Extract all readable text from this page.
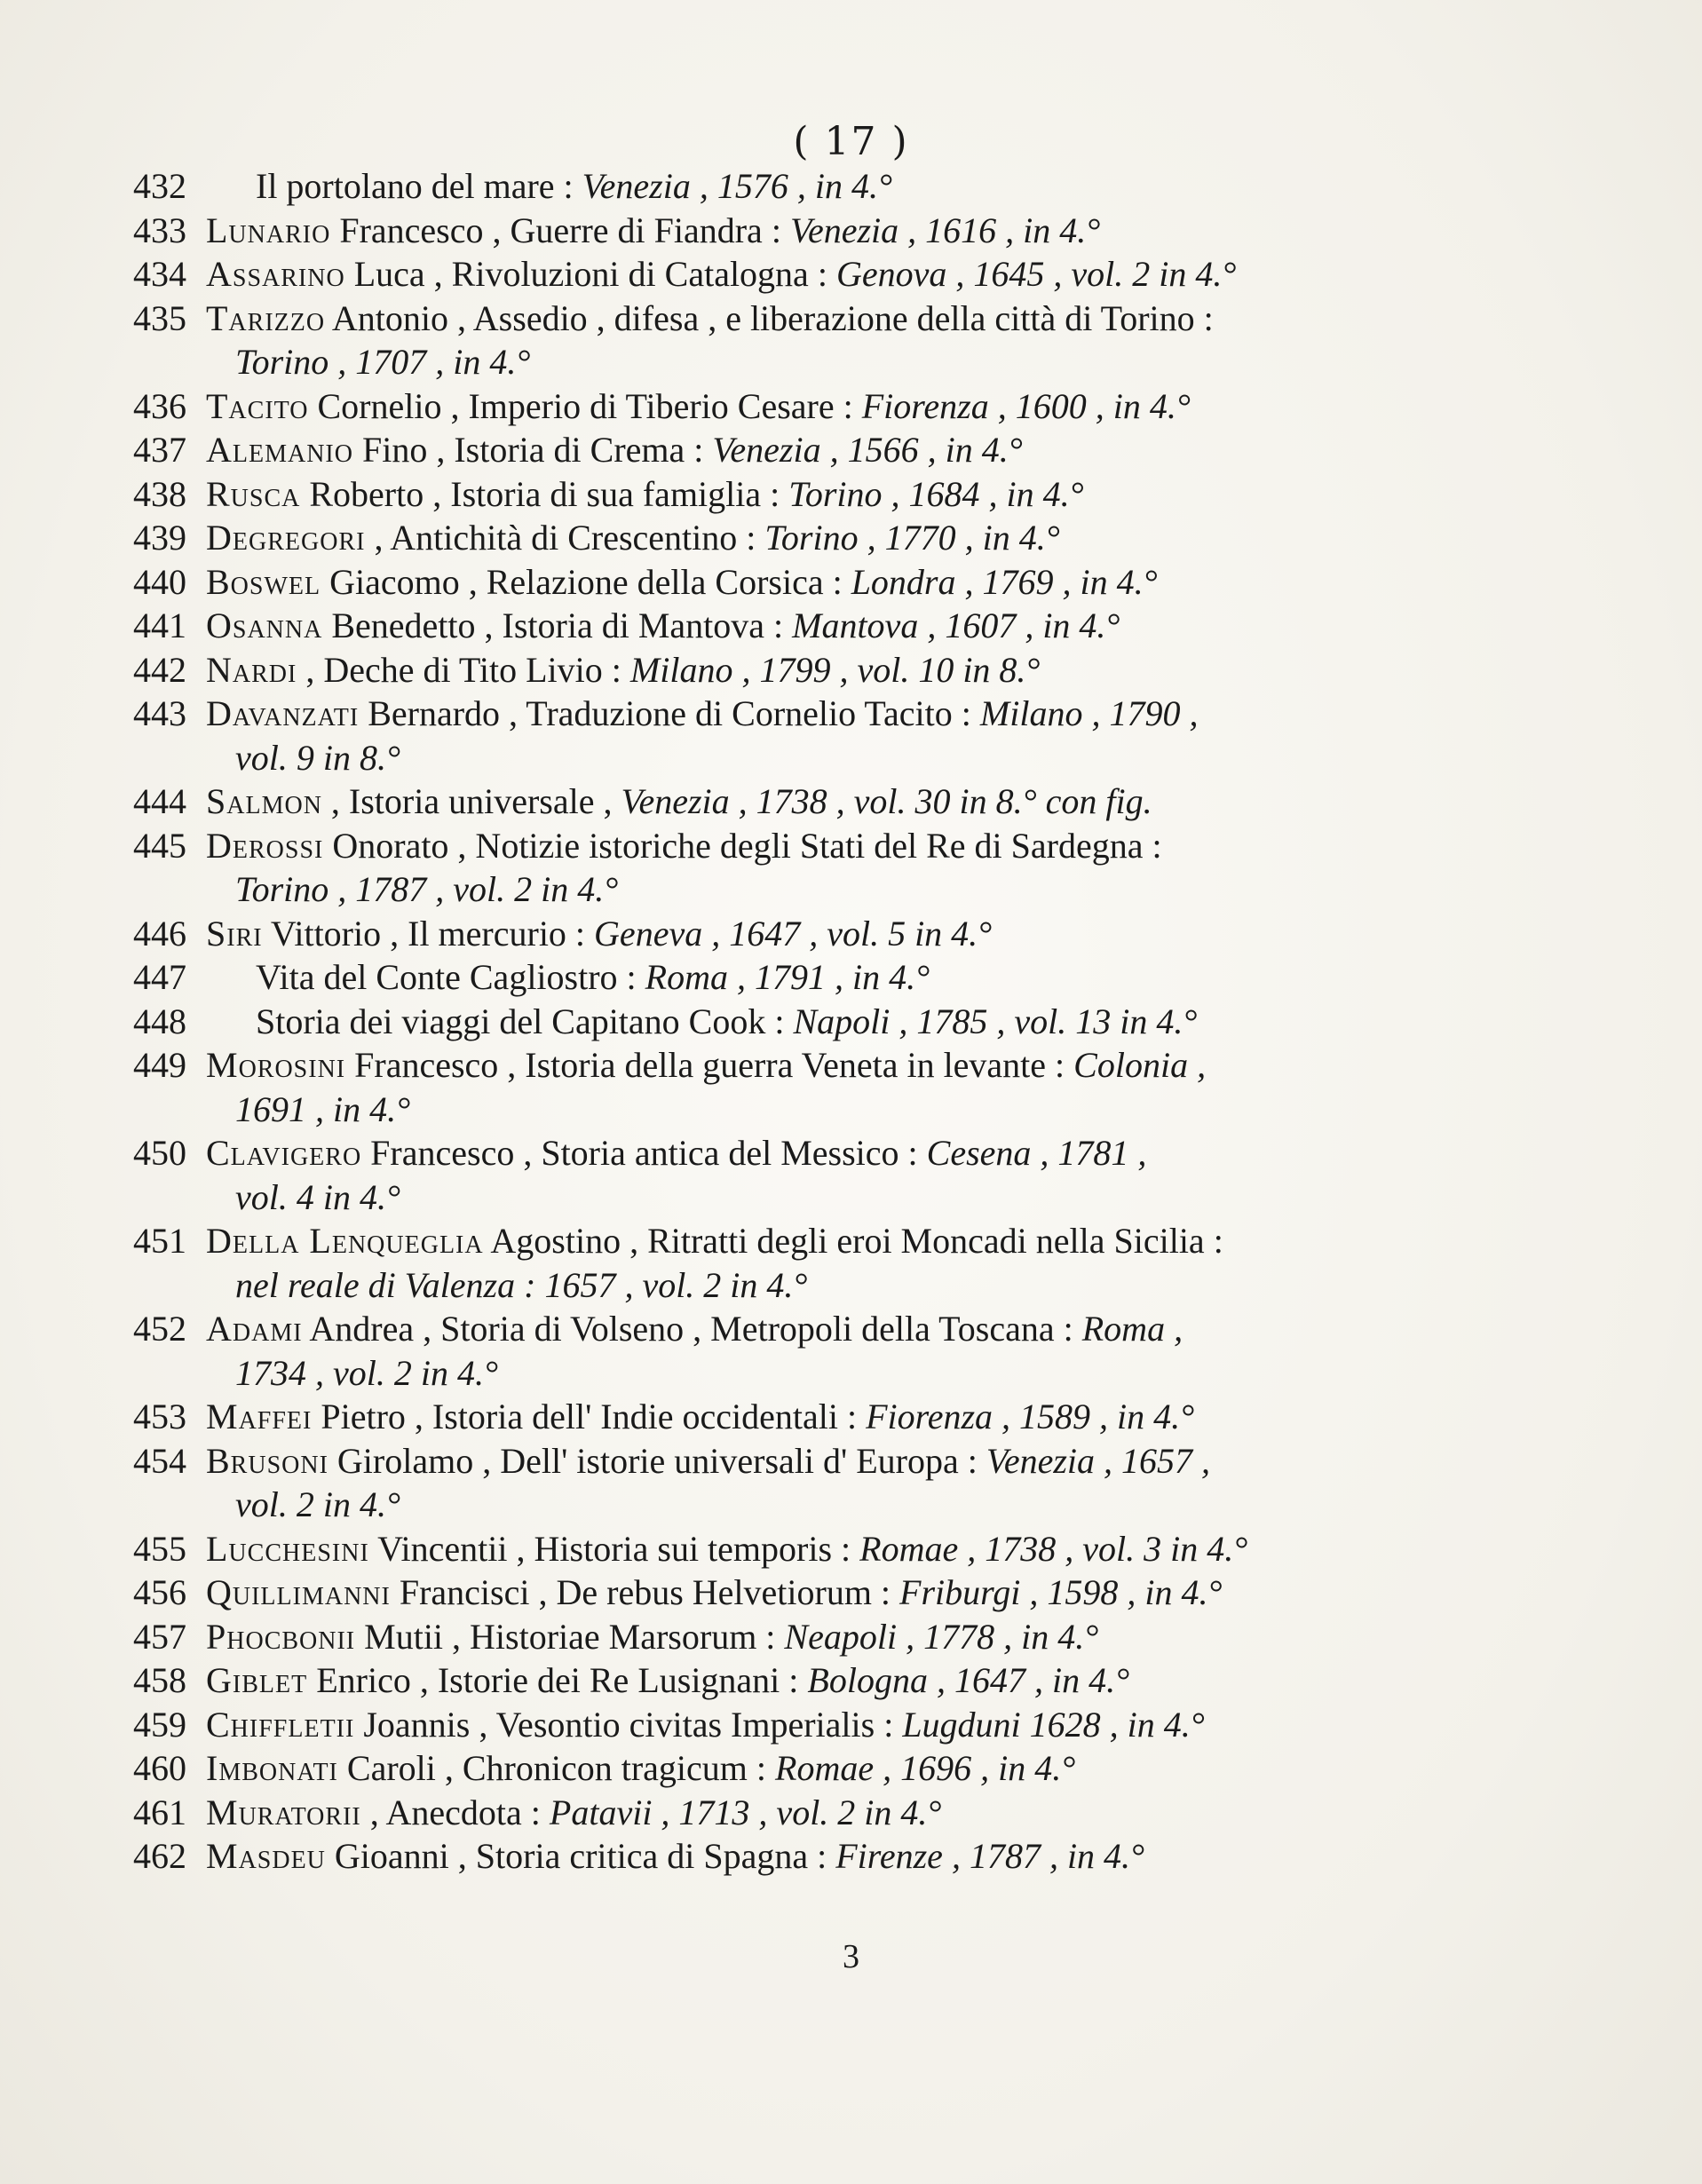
( 17 )
432	Il portolano del mare : Venezia , 1576 , in 4.°
433 Lunario Francesco , Guerre di Fiandra : Venezia , 1616 , in 4.°
434 Assarino Luca , Rivoluzioni di Catalogna : Genova , 1645 , vol. 2 in 4.°
435 Tarizzo Antonio , Assedio , difesa , e liberazione della città di Torino :
Torino , 1707 , in 4.°
436 Tacito Cornelio , Imperio di Tiberio Cesare : Fiorenza , 1600 , in 4.°
437 Alemanio Fino , Istoria di Crema : Venezia , 1566 , in 4.°
438 Rusca Roberto , Istoria di sua famiglia : Torino , 1684 , in 4.°
439 Degregori , Antichità di Crescentino : Torino , 1770 , in 4.°
440 Boswel Giacomo , Relazione della Corsica : Londra , 1769 , in 4.°
441 Osanna Benedetto , Istoria di Mantova : Mantova , 1607 , in 4.°
442 Nardi , Deche di Tito Livio : Milano , 1799 , vol. 10 in 8.°
443 Davanzati Bernardo , Traduzione di Cornelio Tacito : Milano , 1790 ,
vol. 9 in 8.°
444 Salmon , Istoria universale , Venezia , 1738 , vol. 30 in 8.° con fig.
445 Derossi Onorato , Notizie istoriche degli Stati del Re di Sardegna :
Torino , 1787 , vol. 2 in 4.°
446 Siri Vittorio , Il mercurio : Geneva , 1647 , vol. 5 in 4.°
447	Vita del Conte Cagliostro : Roma , 1791 , in 4.°
448	Storia dei viaggi del Capitano Cook : Napoli , 1785 , vol. 13 in 4.°
449 Morosini Francesco , Istoria della guerra Veneta in levante : Colonia ,
1691 , in 4.°
450 Clavigero Francesco , Storia antica del Messico : Cesena , 1781 ,
vol. 4 in 4.°
451 Della Lenqueglia Agostino , Ritratti degli eroi Moncadi nella Sicilia :
nel reale di Valenza : 1657 , vol. 2 in 4.°
452 Adami Andrea , Storia di Volseno , Metropoli della Toscana : Roma ,
1734 , vol. 2 in 4.°
453 Maffei Pietro , Istoria dell' Indie occidentali : Fiorenza , 1589 , in 4.°
454 Brusoni Girolamo , Dell' istorie universali d' Europa : Venezia , 1657 ,
vol. 2 in 4.°
455 Lucchesini Vincentii , Historia sui temporis : Romae , 1738 , vol. 3 in 4.°
456 Quillimanni Francisci , De rebus Helvetiorum : Friburgi , 1598 , in 4.°
457 Phocbonii Mutii , Historiae Marsorum : Neapoli , 1778 , in 4.°
458 Giblet Enrico , Istorie dei Re Lusignani : Bologna , 1647 , in 4.°
459 Chiffletii Joannis , Vesontio civitas Imperialis : Lugduni 1628 , in 4.°
460 Imbonati Caroli , Chronicon tragicum : Romae , 1696 , in 4.°
461 Muratorii , Anecdota : Patavii , 1713 , vol. 2 in 4.°
462 Masdeu Gioanni , Storia critica di Spagna : Firenze , 1787 , in 4.°
3
